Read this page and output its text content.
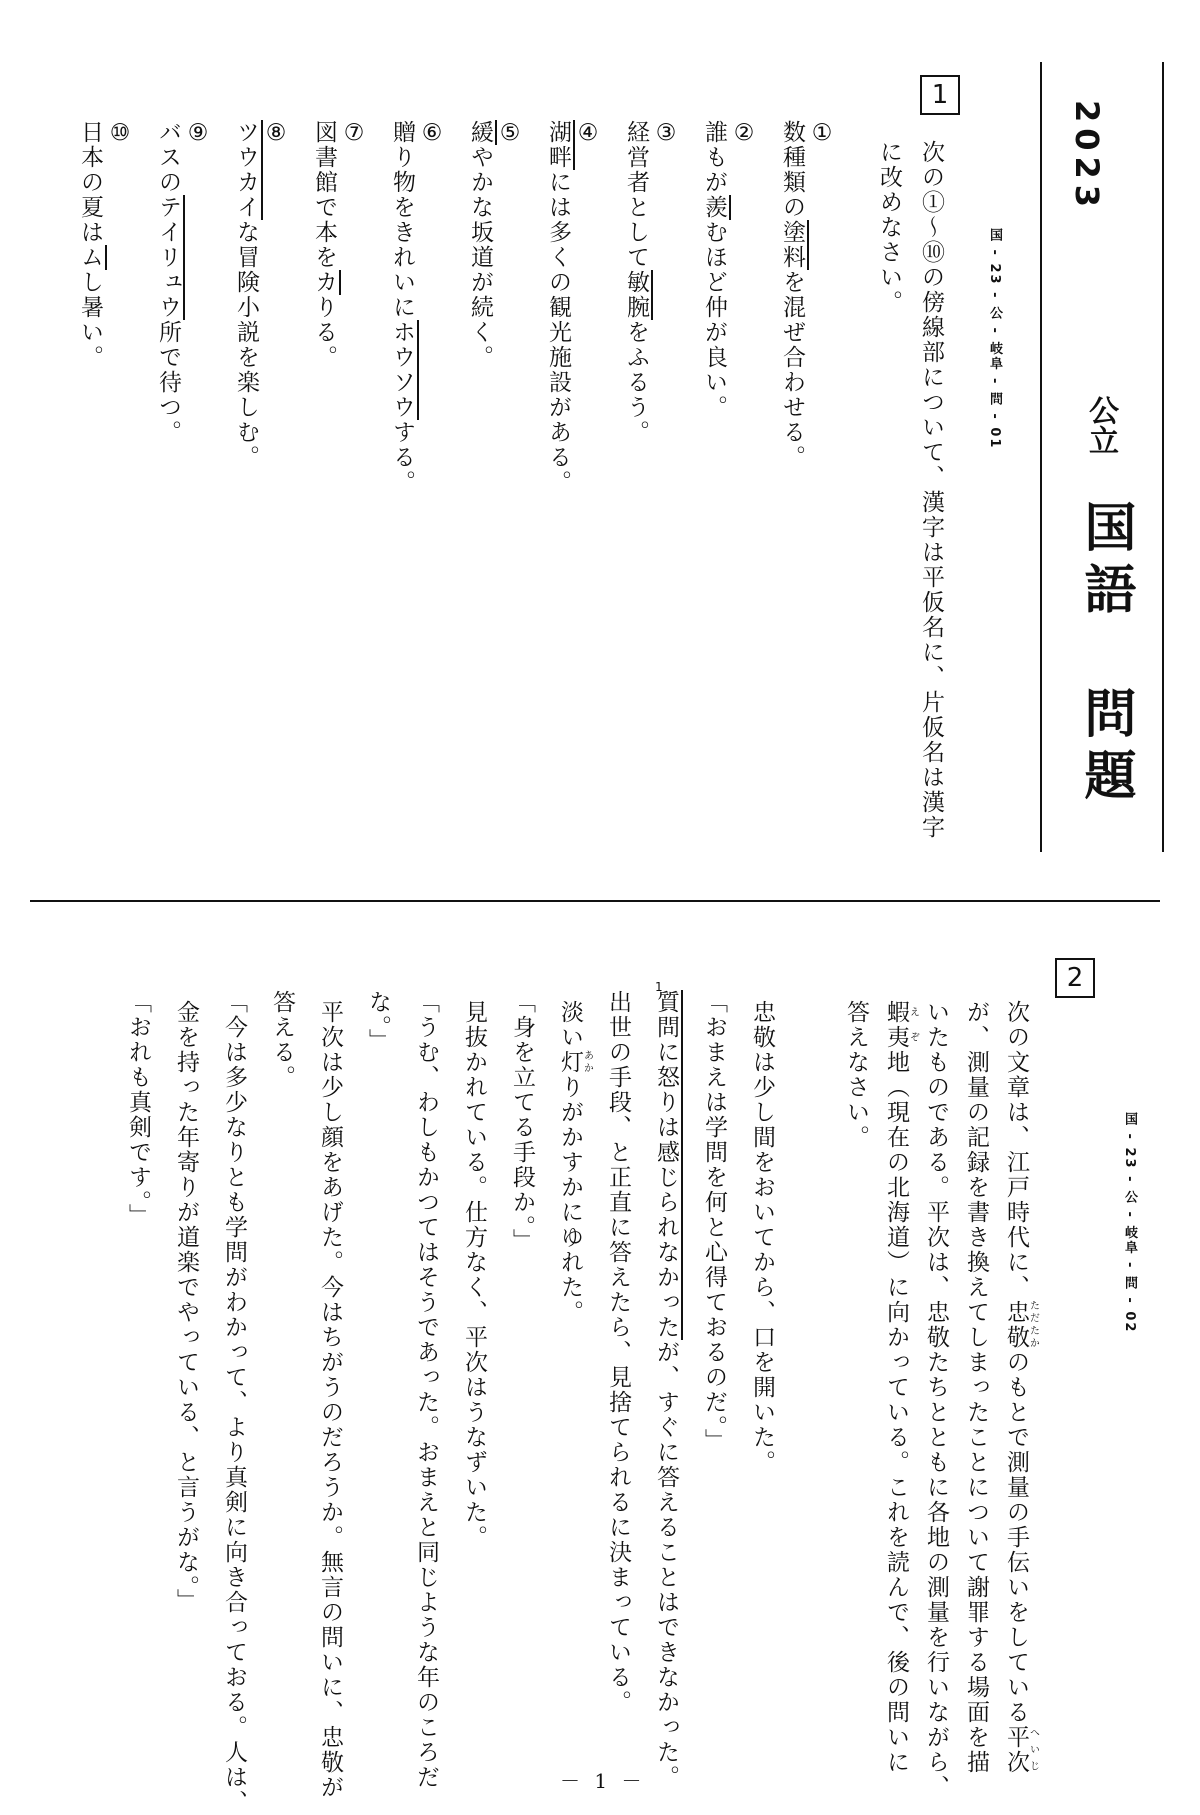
2023
公立
国語　問題
1
国 - 23 - 公 - 岐阜 - 問 - 01
次の①～⑩の傍線部について、漢字は平仮名に、片仮名は漢字に改めなさい。
①
数種類の塗料を混ぜ合わせる。
②
誰もが羨むほど仲が良い。
③
経営者として敏腕をふるう。
④
湖畔には多くの観光施設がある。
⑤
緩やかな坂道が続く。
⑥
贈り物をきれいにホウソウする。
⑦
図書館で本をカりる。
⑧
ツウカイな冒険小説を楽しむ。
⑨
バスのテイリュウ所で待つ。
⑩
日本の夏はムし暑い。
2
国 - 23 - 公 - 岐阜 - 問 - 02
次の文章は、江戸時代に、忠敬ただたかのもとで測量の手伝いをしている平次へいじ
が、測量の記録を書き換えてしまったことについて謝罪する場面を描
いたものである。平次は、忠敬たちとともに各地の測量を行いながら、
蝦夷えぞ地（現在の北海道）に向かっている。これを読んで、後の問いに
答えなさい。
忠敬は少し間をおいてから、口を開いた。
「おまえは学問を何と心得ておるのだ。」
1
質問に怒りは感じられなかったが、すぐに答えることはできなかった。
出世の手段、と正直に答えたら、見捨てられるに決まっている。
淡い灯あかりがかすかにゆれた。
「身を立てる手段か。」
見抜かれている。仕方なく、平次はうなずいた。
「うむ、わしもかつてはそうであった。おまえと同じような年のころだ
な。」
平次は少し顔をあげた。今はちがうのだろうか。無言の問いに、忠敬が
答える。
「今は多少なりとも学問がわかって、より真剣に向き合っておる。人は、
金を持った年寄りが道楽でやっている、と言うがな。」
「おれも真剣です。」
－ 1 －
